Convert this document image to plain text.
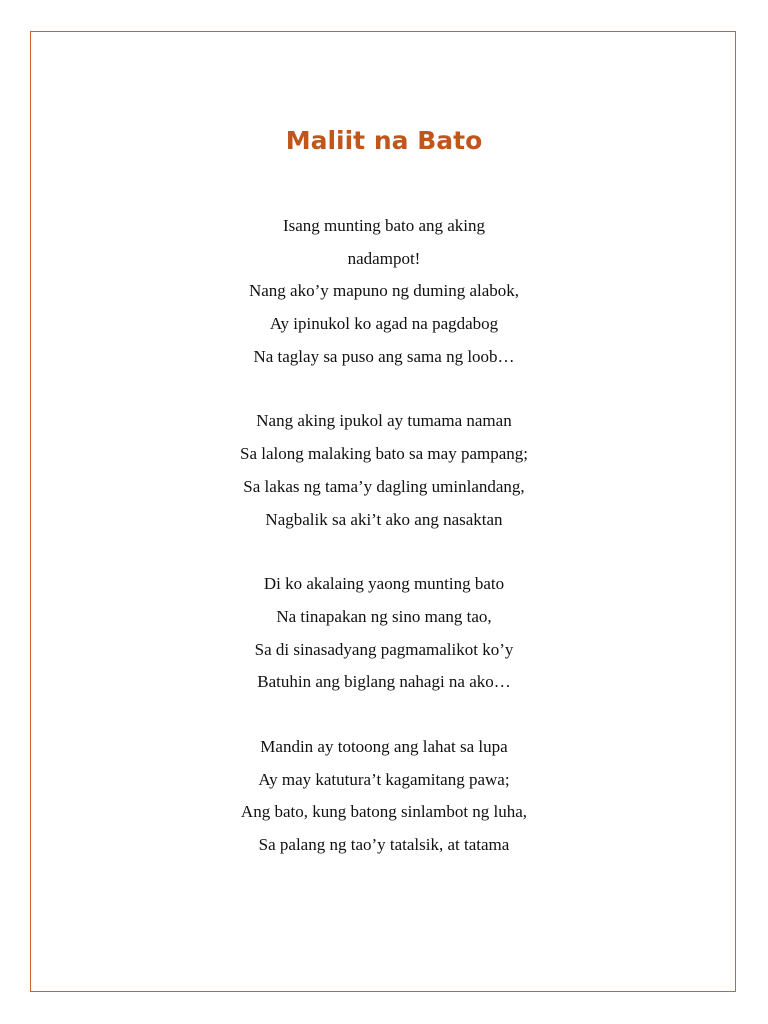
Maliit na Bato
Isang munting bato ang aking
nadampot!
Nang ako’y mapuno ng duming alabok,
Ay ipinukol ko agad na pagdabog
Na taglay sa puso ang sama ng loob…
Nang aking ipukol ay tumama naman
Sa lalong malaking bato sa may pampang;
Sa lakas ng tama’y dagling uminlandang,
Nagbalik sa aki’t ako ang nasaktan
Di ko akalaing yaong munting bato
Na tinapakan ng sino mang tao,
Sa di sinasadyang pagmamalikot ko’y
Batuhin ang biglang nahagi na ako…
Mandin ay totoong ang lahat sa lupa
Ay may katutura’t kagamitang pawa;
Ang bato, kung batong sinlambot ng luha,
Sa palang ng tao’y tatalsik, at tatama
